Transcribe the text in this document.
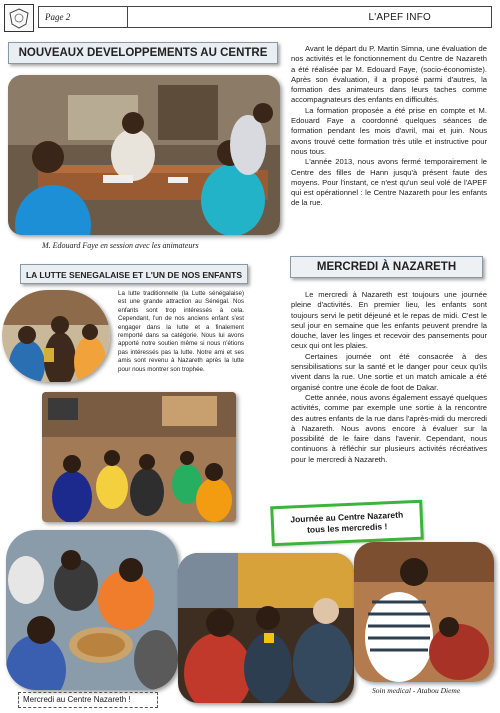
Page 2	L'APEF INFO
NOUVEAUX DEVELOPPEMENTS AU CENTRE
M. Edouard Faye en session avec les animateurs

Avant le départ du P. Martin Simna, une évaluation de nos activités et le fonctionnement du Centre de Nazareth a été réalisée par M. Edouard Faye, (socio-économiste). Après son évaluation, il a proposé parmi d'autres, la formation des animateurs dans leurs taches comme accompagnateurs des enfants en difficultés.

La formation proposée a été prise en compte et M. Edouard Faye a coordonné quelques séances de formation pendant les mois d'avril, mai et juin. Nous avons trouvé cette formation très utile et instructive pour nous tous.

L'année 2013, nous avons fermé temporairement le Centre des filles de Hann jusqu'à présent faute des moyens. Pour l'instant, ce n'est qu'un seul volé de l'APEF qui est opérationnel : le Centre Nazareth pour les enfants de la rue.

LA LUTTE SENEGALAISE ET L'UN DE NOS ENFANTS
La lutte traditionnelle (la Lutte sénégalaise) est une grande attraction au Sénégal. Nos enfants sont trop intéressés à cela. Cependant, l'un de nos anciens enfant s'est engager dans la lutte et a finalement remporté dans sa catégorie. Nous lui avons apporté notre soutien même si nous n'étions pas intéressés pas la lutte. Notre ami et ses amis sont revenu à Nazareth après la lutte pour nous montrer son trophée.
MERCREDI À NAZARETH

Le mercredi à Nazareth est toujours une journée pleine d'activités. En premier lieu, les enfants sont toujours servi le petit déjeuné et le repas de midi. C'est le seul jour en semaine que les enfants peuvent prendre la douche, laver les linges et recevoir des pansements pour ceux qui ont les plaies.

Certaines journée ont été consacrée à des sensibilisations sur la santé et le danger pour ceux qu'ils vivent dans la rue. Une sortie et un match amicale a été organisé contre une école de foot de Dakar.

Cette année, nous avons également essayé quelques activités, comme par exemple une sortie à la rencontre des autres enfants de la rue dans l'après-midi du mercredi à Nazareth. Nous avons encore à évaluer sur la possibilité de le faire dans l'avenir. Cependant, nous continuons à réfléchir sur plusieurs activités récréatives pour le mercredi à Nazareth.

Journée au Centre Nazareth
tous les mercredis !
Mercredi au Centre Nazareth !
Soin medical - Atabou Dieme
